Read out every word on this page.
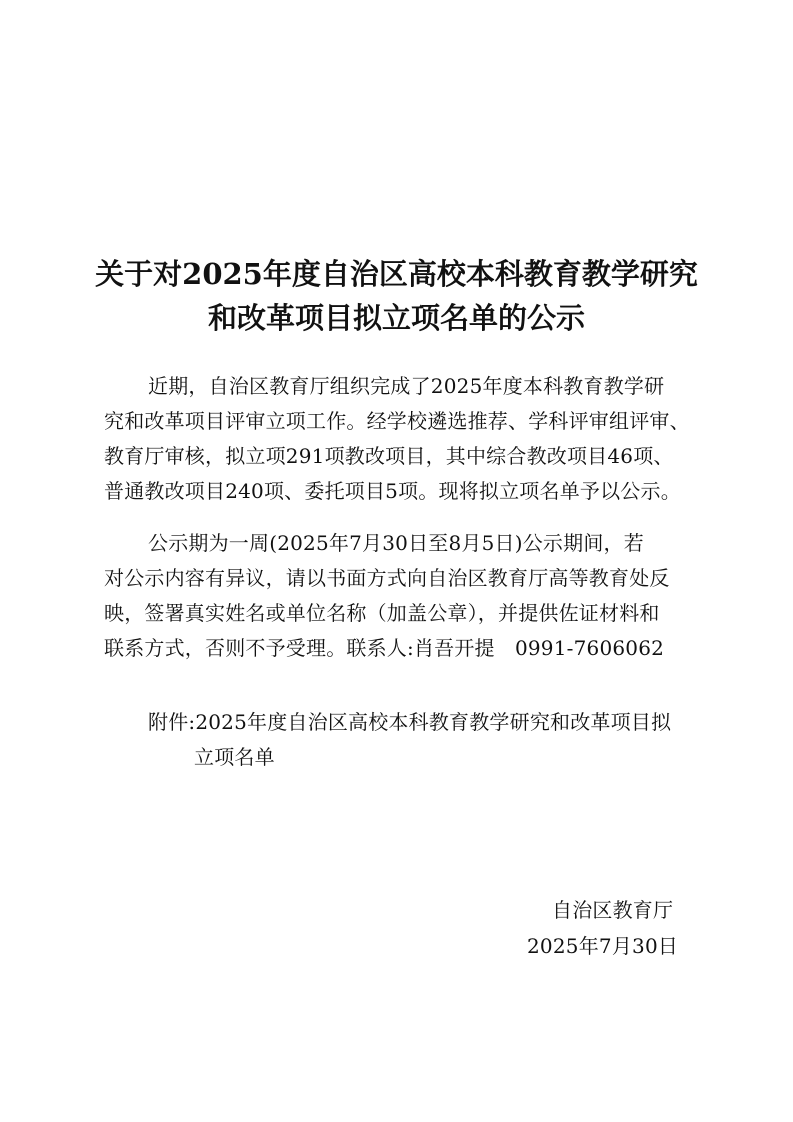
关于对2025年度自治区高校本科教育教学研究
和改革项目拟立项名单的公示
近期，自治区教育厅组织完成了2025年度本科教育教学研
究和改革项目评审立项工作。经学校遴选推荐、学科评审组评审、
教育厅审核，拟立项291项教改项目，其中综合教改项目46项、
普通教改项目240项、委托项目5项。现将拟立项名单予以公示。
公示期为一周(2025年7月30日至8月5日)公示期间，若
对公示内容有异议，请以书面方式向自治区教育厅高等教育处反
映，签署真实姓名或单位名称（加盖公章），并提供佐证材料和
联系方式，否则不予受理。联系人:肖吾开提　0991-7606062
附件:2025年度自治区高校本科教育教学研究和改革项目拟
立项名单
自治区教育厅
2025年7月30日
